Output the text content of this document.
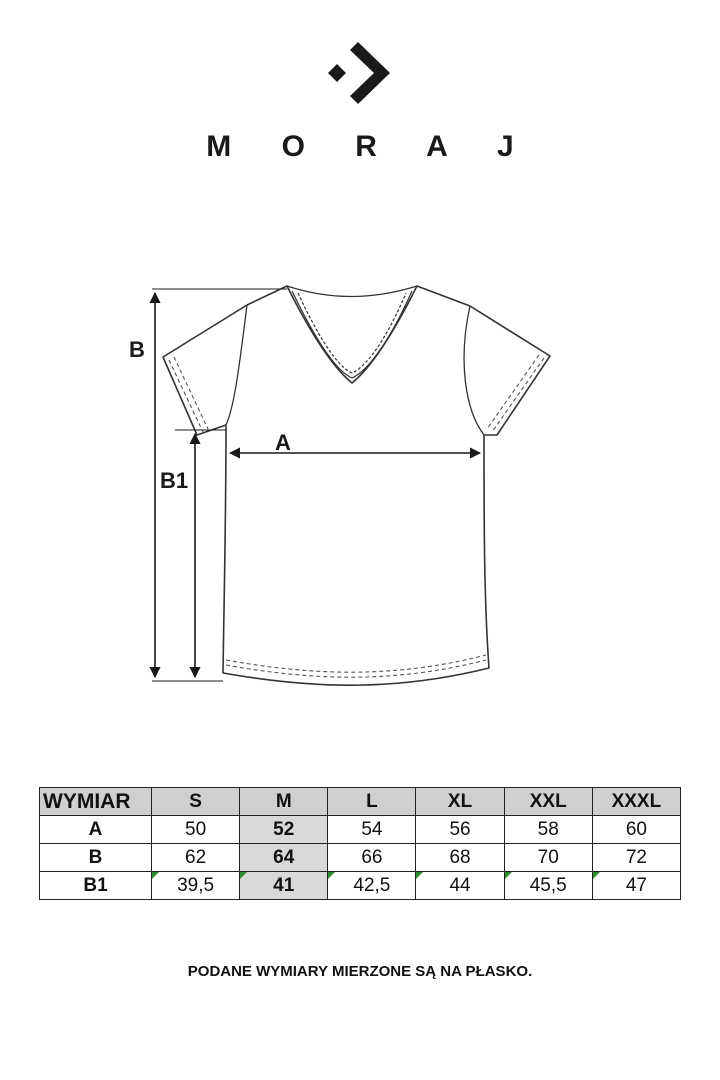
M O R A J
B
B1
A
WYMIAR	S	M	L	XL	XXL	XXXL
A	50	52	54	56	58	60
B	62	64	66	68	70	72
B1	39,5	41	42,5	44	45,5	47
PODANE WYMIARY MIERZONE SĄ NA PŁASKO.
